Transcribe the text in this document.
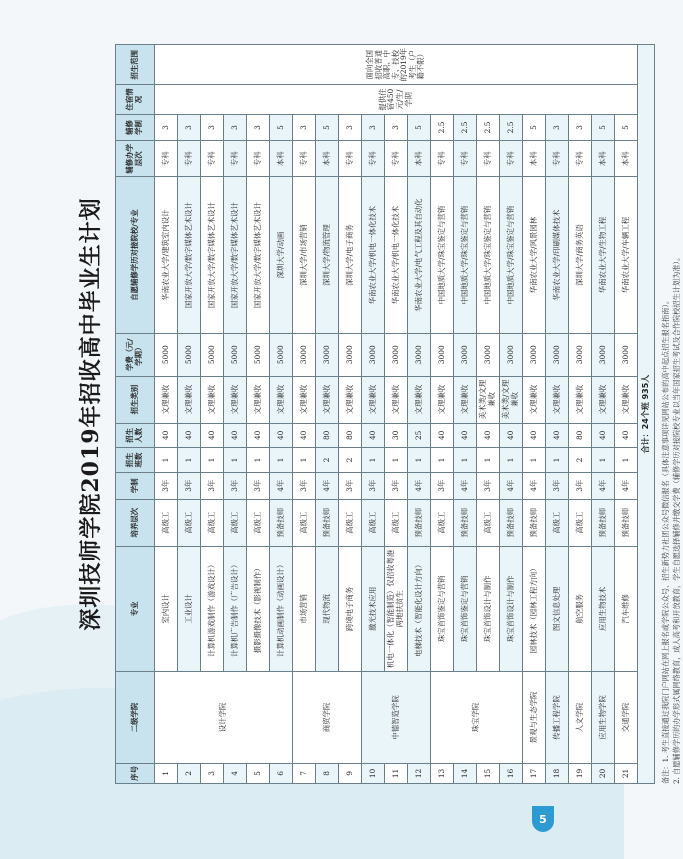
深圳技师学院2019年招收高中毕业生计划
序号	二级学院	专业	培养层次	学制	招生班数	招生人数	招生类别	学费（元/学期）	自愿辅修学历对接院校/专业	辅修办学层次	辅修学制	住宿情况	招生范围
1	设计学院	室内设计	高级工	3年	1	40	文理兼收	5000	华南农业大学/建筑室内设计	专科	3	提供住宿450元/生/学期	面向全国招收普通高职、中专、技校的2019年考生（户籍不限）
2		工业设计	高级工	3年	1	40	文理兼收	5000	国家开放大学/数字媒体艺术设计	专科	3		
3		计算机游戏制作（游戏设计）	高级工	3年	1	40	文理兼收	5000	国家开放大学/数字媒体艺术设计	专科	3		
4		计算机广告制作（广告设计）	高级工	3年	1	40	文理兼收	5000	国家开放大学/数字媒体艺术设计	专科	3		
5		摄影摄像技术（影视制作）	高级工	3年	1	40	文理兼收	5000	国家开放大学/数字媒体艺术设计	专科	3		
6		计算机动画制作（动画设计）	预备技师	4年	1	40	文理兼收	5000	深圳大学/动画	本科	5		
7	商贸学院	市场营销	高级工	3年	1	40	文理兼收	3000	深圳大学/市场营销	专科	3		
8		现代物流	预备技师	4年	2	80	文理兼收	3000	深圳大学/物流管理	本科	5		
9		跨境电子商务	高级工	3年	2	80	文理兼收	3000	深圳大学/电子商务	专科	3		
10	中德智造学院	激光技术应用	高级工	3年	1	40	文理兼收	3000	华南农业大学/机电一体化技术	专科	3		
11		机电一体化（智能制造）仅招收粤港两地扶贫生	高级工	3年	1	30	文理兼收	3000	华南农业大学/机电一体化技术	专科	3		
12		电梯技术（智能化设计方向）	预备技师	4年	1	25	文理兼收	3000	华南农业大学/电气工程及其自动化	本科	5		
13	珠宝学院	珠宝首饰鉴定与营销	高级工	3年	1	40	文理兼收	3000	中国地质大学/珠宝鉴定与营销	专科	2.5		
14		珠宝首饰鉴定与营销	预备技师	4年	1	40	文理兼收	3000	中国地质大学/珠宝鉴定与营销	专科	2.5		
15		珠宝首饰设计与制作	高级工	3年	1	40	美术类/文理兼收	3000	中国地质大学/珠宝鉴定与营销	专科	2.5		
16		珠宝首饰设计与制作	预备技师	4年	1	40	美术类/文理兼收	3000	中国地质大学/珠宝鉴定与营销	专科	2.5		
17	景观与生态学院	园林技术（园林工程方向）	预备技师	4年	1	40	文理兼收	3000	华南农业大学/风景园林	本科	5		
18	传播工程学院	图文信息处理	高级工	3年	1	40	文理兼收	3000	华南农业大学/印刷媒体技术	专科	3		
19	人文学院	航空服务	高级工	3年	2	80	文理兼收	3000	深圳大学/商务英语	专科	3		
20	应用生物学院	应用生物技术	预备技师	4年	1	40	文理兼收	3000	华南农业大学/生物工程	本科	5		
21	交通学院	汽车维修	预备技师	4年	1	40	文理兼收	3000	华南农业大学/车辆工程	本科	5		
合计：24个班 935人													备注：1. 考生直接通过我院门户网站在网上报名或学院公众号、招生新势力社团公众号微信报名（具体注意事项详见网站公布的高中起点招生报名指南）。 2. 自愿辅修学历的办学形式属网络教育，成人高考和开放教育，学生自愿选择辅修并缴交学费（辅修学历对接院校专业以当年国家招生考试及合作院校招生计划为准）。
5
